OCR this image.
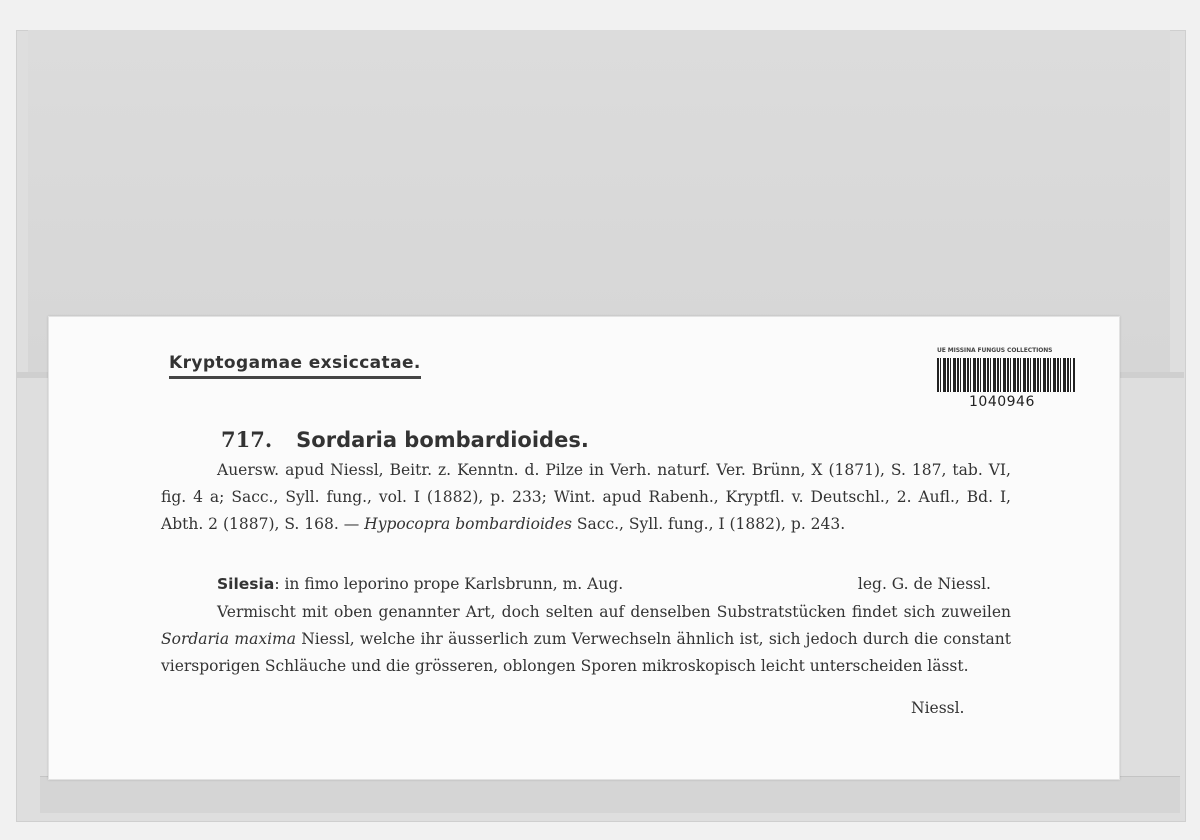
Kryptogamae exsiccatae.
UE MISSINA FUNGUS COLLECTIONS
1040946
717. Sordaria bombardioides.
Auersw. apud Niessl, Beitr. z. Kenntn. d. Pilze in Verh. naturf. Ver. Brünn, X (1871), S. 187, tab. VI, fig. 4 a; Sacc., Syll. fung., vol. I (1882), p. 233; Wint. apud Rabenh., Kryptfl. v. Deutschl., 2. Aufl., Bd. I, Abth. 2 (1887), S. 168. — Hypocopra bombardioides Sacc., Syll. fung., I (1882), p. 243.
Silesia: in fimo leporino prope Karlsbrunn, m. Aug.	leg. G. de Niessl.
Vermischt mit oben genannter Art, doch selten auf denselben Substratstücken findet sich zuweilen Sordaria maxima Niessl, welche ihr äusserlich zum Verwechseln ähnlich ist, sich jedoch durch die constant viersporigen Schläuche und die grösseren, oblongen Sporen mikroskopisch leicht unterscheiden lässt.
Niessl.
